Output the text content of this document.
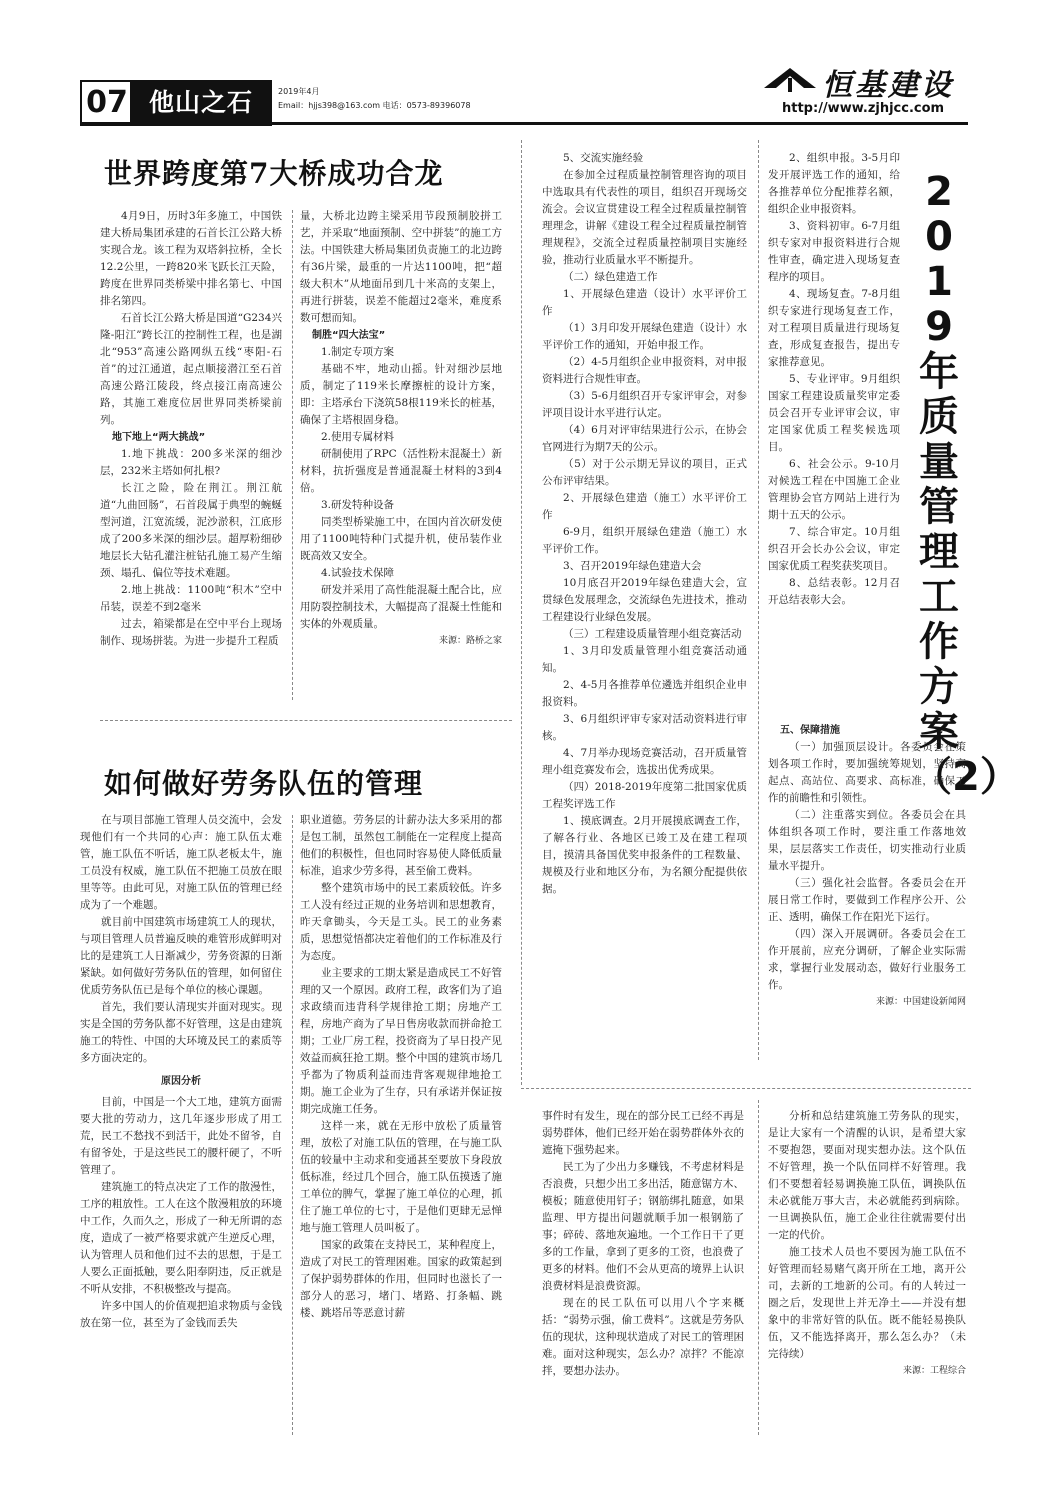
07 他山之石	2019年4月
Email：hjjs398@163.com 电话：0573-89396078
恒基建设
http://www.zjhjcc.com
2019年质量管理工作方案（2）
世界跨度第7大桥成功合龙

4月9日，历时3年多施工，中国铁建大桥局集团承建的石首长江公路大桥实现合龙。该工程为双塔斜拉桥，全长12.2公里，一跨820米飞跃长江天险，跨度在世界同类桥梁中排名第七、中国排名第四。

石首长江公路大桥是国道“G234兴隆-阳江”跨长江的控制性工程，也是湖北“953”高速公路网纵五线“枣阳-石首”的过江通道，起点顺接潜江至石首高速公路江陵段，终点接江南高速公路，其施工难度位居世界同类桥梁前列。

地下地上“两大挑战”

1.地下挑战：200多米深的细沙层，232米主塔如何扎根?

长江之险，险在荆江。荆江航道“九曲回肠”，石首段属于典型的蜿蜒型河道，江宽流缓，泥沙淤积，江底形成了200多米深的细沙层。超厚粉细砂地层长大钻孔灌注桩钻孔施工易产生缩颈、塌孔、偏位等技术难题。

2.地上挑战：1100吨“积木”空中吊装，误差不到2毫米

过去，箱梁都是在空中平台上现场制作、现场拼装。为进一步提升工程质

量，大桥北边跨主梁采用节段预制胶拼工艺，并采取“地面预制、空中拼装”的施工方法。中国铁建大桥局集团负责施工的北边跨有36片梁，最重的一片达1100吨，把“超级大积木”从地面吊到几十米高的支架上，再进行拼装，误差不能超过2毫米，难度系数可想而知。

制胜“四大法宝”

1.制定专项方案

基础不牢，地动山摇。针对细沙层地质，制定了119米长摩擦桩的设计方案，即：主塔承台下浇筑58根119米长的桩基，确保了主塔根固身稳。

2.使用专属材料

研制使用了RPC（活性粉末混凝土）新材料，抗折强度是普通混凝土材料的3到4倍。

3.研发特种设备

同类型桥梁施工中，在国内首次研发使用了1100吨特种门式提升机，使吊装作业既高效又安全。

4.试验技术保障

研发并采用了高性能混凝土配合比，应用防裂控制技术，大幅提高了混凝土性能和实体的外观质量。

来源：路桥之家

如何做好劳务队伍的管理

在与项目部施工管理人员交流中，会发现他们有一个共同的心声：施工队伍太难管，施工队伍不听话，施工队老板太牛，施工员没有权威，施工队伍不把施工员放在眼里等等。由此可见，对施工队伍的管理已经成为了一个难题。

就目前中国建筑市场建筑工人的现状，与项目管理人员普遍反映的难管形成鲜明对比的是建筑工人日渐减少，劳务资源的日渐紧缺。如何做好劳务队伍的管理，如何留住优质劳务队伍已是每个单位的核心课题。

首先，我们要认清现实并面对现实。现实是全国的劳务队都不好管理，这是由建筑施工的特性、中国的大环境及民工的素质等多方面决定的。

原因分析

目前，中国是一个大工地，建筑方面需要大批的劳动力，这几年逐步形成了用工荒，民工不愁找不到活干，此处不留爷，自有留爷处，于是这些民工的腰杆硬了，不听管理了。

建筑施工的特点决定了工作的散漫性，工序的粗放性。工人在这个散漫粗放的环境中工作，久而久之，形成了一种无所谓的态度，造成了一被严格要求就产生逆反心理，认为管理人员和他们过不去的思想，于是工人要么正面抵触，要么阳奉阴违，反正就是不听从安排，不积极整改与提高。

许多中国人的价值观把追求物质与金钱放在第一位，甚至为了金钱而丢失

职业道德。劳务层的计薪办法大多采用的都是包工制，虽然包工制能在一定程度上提高他们的积极性，但也同时容易使人降低质量标准，追求少劳多得，甚至偷工费料。

整个建筑市场中的民工素质较低。许多工人没有经过正规的业务培训和思想教育，昨天拿锄头，今天是工头。民工的业务素质，思想觉悟都决定着他们的工作标准及行为态度。

业主要求的工期太紧是造成民工不好管理的又一个原因。政府工程，政客们为了追求政绩而违背科学规律抢工期；房地产工程，房地产商为了早日售房收款而拼命抢工期；工业厂房工程，投资商为了早日投产见效益而疯狂抢工期。整个中国的建筑市场几乎都为了物质利益而违背客观规律地抢工期。施工企业为了生存，只有承诺并保证按期完成施工任务。

这样一来，就在无形中放松了质量管理，放松了对施工队伍的管理，在与施工队伍的较量中主动求和变通甚至要放下身段放低标准，经过几个回合，施工队伍摸透了施工单位的脾气，掌握了施工单位的心理，抓住了施工单位的七寸，于是他们更肆无忌惮地与施工管理人员叫板了。

国家的政策在支持民工，某种程度上，造成了对民工的管理困难。国家的政策起到了保护弱势群体的作用，但同时也滋长了一部分人的恶习，堵门、堵路、打条幅、跳楼、跳塔吊等恶意讨薪

事件时有发生，现在的部分民工已经不再是弱势群体，他们已经开始在弱势群体外衣的遮掩下强势起来。

民工为了少出力多赚钱，不考虑材料是否浪费，只想少出工多出活，随意锯方木、模板；随意使用钉子；钢筋绑扎随意，如果监理、甲方提出问题就顺手加一根钢筋了事；碎砖、落地灰遍地。一个工作日干了更多的工作量，拿到了更多的工资，也浪费了更多的材料。他们不会从更高的境界上认识浪费材料是浪费资源。

现在的民工队伍可以用八个字来概括：“弱势示强，偷工费料”。这就是劳务队伍的现状，这种现状造成了对民工的管理困难。面对这种现实，怎么办？凉拌？不能凉拌，要想办法办。

分析和总结建筑施工劳务队的现实，是让大家有一个清醒的认识，是希望大家不要抱怨，要面对现实想办法。这个队伍不好管理，换一个队伍同样不好管理。我们不要想着轻易调换施工队伍，调换队伍未必就能万事大吉，未必就能药到病除。一旦调换队伍，施工企业往往就需要付出一定的代价。

施工技术人员也不要因为施工队伍不好管理而轻易赌气离开所在工地，离开公司，去新的工地新的公司。有的人转过一圈之后，发现世上并无净土——并没有想象中的非常好管的队伍。既不能轻易换队伍，又不能选择离开，那么怎么办？（未完待续）

来源：工程综合

5、交流实施经验

在参加全过程质量控制管理咨询的项目中选取具有代表性的项目，组织召开现场交流会。会议宣贯建设工程全过程质量控制管理理念，讲解《建设工程全过程质量控制管理规程》，交流全过程质量控制项目实施经验，推动行业质量水平不断提升。

（二）绿色建造工作

1、开展绿色建造（设计）水平评价工作

（1）3月印发开展绿色建造（设计）水平评价工作的通知，开始申报工作。

（2）4-5月组织企业申报资料，对申报资料进行合规性审查。

（3）5-6月组织召开专家评审会，对参评项目设计水平进行认定。

（4）6月对评审结果进行公示，在协会官网进行为期7天的公示。

（5）对于公示期无异议的项目，正式公布评审结果。

2、开展绿色建造（施工）水平评价工作

6-9月，组织开展绿色建造（施工）水平评价工作。

3、召开2019年绿色建造大会

10月底召开2019年绿色建造大会，宣贯绿色发展理念，交流绿色先进技术，推动工程建设行业绿色发展。

（三）工程建设质量管理小组竞赛活动

1、3月印发质量管理小组竞赛活动通知。

2、4-5月各推荐单位遴选并组织企业申报资料。

3、6月组织评审专家对活动资料进行审核。

4、7月举办现场竞赛活动，召开质量管理小组竞赛发布会，选拔出优秀成果。

（四）2018-2019年度第二批国家优质工程奖评选工作

1、摸底调查。2月开展摸底调查工作，了解各行业、各地区已竣工及在建工程项目，摸清具备国优奖申报条件的工程数量、规模及行业和地区分布，为名额分配提供依据。

2、组织申报。3-5月印发开展评选工作的通知，给各推荐单位分配推荐名额，组织企业申报资料。

3、资料初审。6-7月组织专家对申报资料进行合规性审查，确定进入现场复查程序的项目。

4、现场复查。7-8月组织专家进行现场复查工作，对工程项目质量进行现场复查，形成复查报告，提出专家推荐意见。

5、专业评审。9月组织国家工程建设质量奖审定委员会召开专业评审会议，审定国家优质工程奖候选项目。

6、社会公示。9-10月对候选工程在中国施工企业管理协会官方网站上进行为期十五天的公示。

7、综合审定。10月组织召开会长办公会议，审定国家优质工程奖获奖项目。

8、总结表彰。12月召开总结表彰大会。

五、保障措施

（一）加强顶层设计。各委员会在策划各项工作时，要加强统筹规划，坚持高起点、高站位、高要求、高标准，确保工作的前瞻性和引领性。

（二）注重落实到位。各委员会在具体组织各项工作时，要注重工作落地效果，层层落实工作责任，切实推动行业质量水平提升。

（三）强化社会监督。各委员会在开展日常工作时，要做到工作程序公开、公正、透明，确保工作在阳光下运行。

（四）深入开展调研。各委员会在工作开展前，应充分调研，了解企业实际需求，掌握行业发展动态，做好行业服务工作。

来源：中国建设新闻网
